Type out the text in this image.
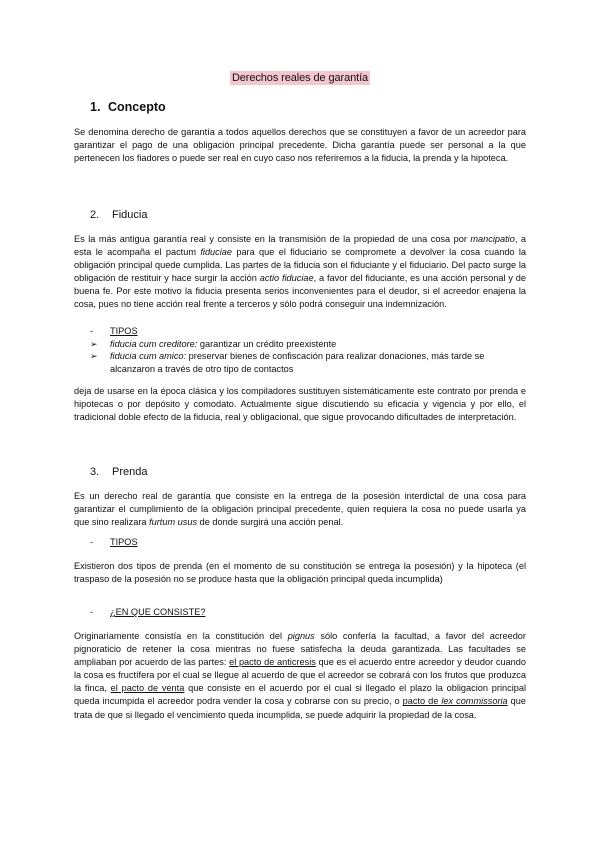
Derechos reales de garantía
1. Concepto
Se denomina derecho de garantía a todos aquellos derechos que se constituyen a favor de un acreedor para garantizar el pago de una obligación principal precedente. Dicha garantía puede ser personal a la que pertenecen los fiadores o puede ser real en cuyo caso nos referiremos a la fiducia, la prenda y la hipoteca.
2. Fiducia
Es la más antigua garantía real y consiste en la transmisión de la propiedad de una cosa por mancipatio, a esta le acompaña el pactum fiduciae para que el fiduciario se compromete a devolver la cosa cuando la obligación principal quede cumplida. Las partes de la fiducia son el fiduciante y el fiduciario. Del pacto surge la obligación de restituir y hace surgir la acción actio fiduciae, a favor del fiduciante, es una acción personal y de buena fe. Por este motivo la fiducia presenta serios inconvenientes para el deudor, si el acreedor enajena la cosa, pues no tiene acción real frente a terceros y sólo podrá conseguir una indemnización.
- TIPOS
➢ fiducia cum creditore: garantizar un crédito preexistente
➢ fiducia cum amico: preservar bienes de confiscación para realizar donaciones, más tarde se alcanzaron a través de otro tipo de contactos
deja de usarse en la época clásica y los compiladores sustituyen sistemáticamente este contrato por prenda e hipotecas o por depósito y comodato. Actualmente sigue discutiendo su eficacia y vigencia y por ello, el tradicional doble efecto de la fiducia, real y obligacional, que sigue provocando dificultades de interpretación.
3. Prenda
Es un derecho real de garantía que consiste en la entrega de la posesión interdictal de una cosa para garantizar el cumplimiento de la obligación principal precedente, quien requiera la cosa no puede usarla ya que sino realizara furtum usus de donde surgirá una acción penal.
- TIPOS
Existieron dos tipos de prenda (en el momento de su constitución se entrega la posesión) y la hipoteca (el traspaso de la posesión no se produce hasta que la obligación principal queda incumplida)
- ¿EN QUE CONSISTE?
Originariamente consistía en la constitución del pignus sólo confería la facultad, a favor del acreedor pignoraticio de retener la cosa mientras no fuese satisfecha la deuda garantizada. Las facultades se ampliaban por acuerdo de las partes: el pacto de anticresis que es el acuerdo entre acreedor y deudor cuando la cosa es fructífera por el cual se llegue al acuerdo de que el acreedor se cobrará con los frutos que produzca la finca, el pacto de venta que consiste en el acuerdo por el cual si llegado el plazo la obligacion principal queda incumpida el acreedor podra vender la cosa y cobrarse con su precio, o pacto de lex commissoria que trata de que si llegado el vencimiento queda incumplida, se puede adquirir la propiedad de la cosa.
